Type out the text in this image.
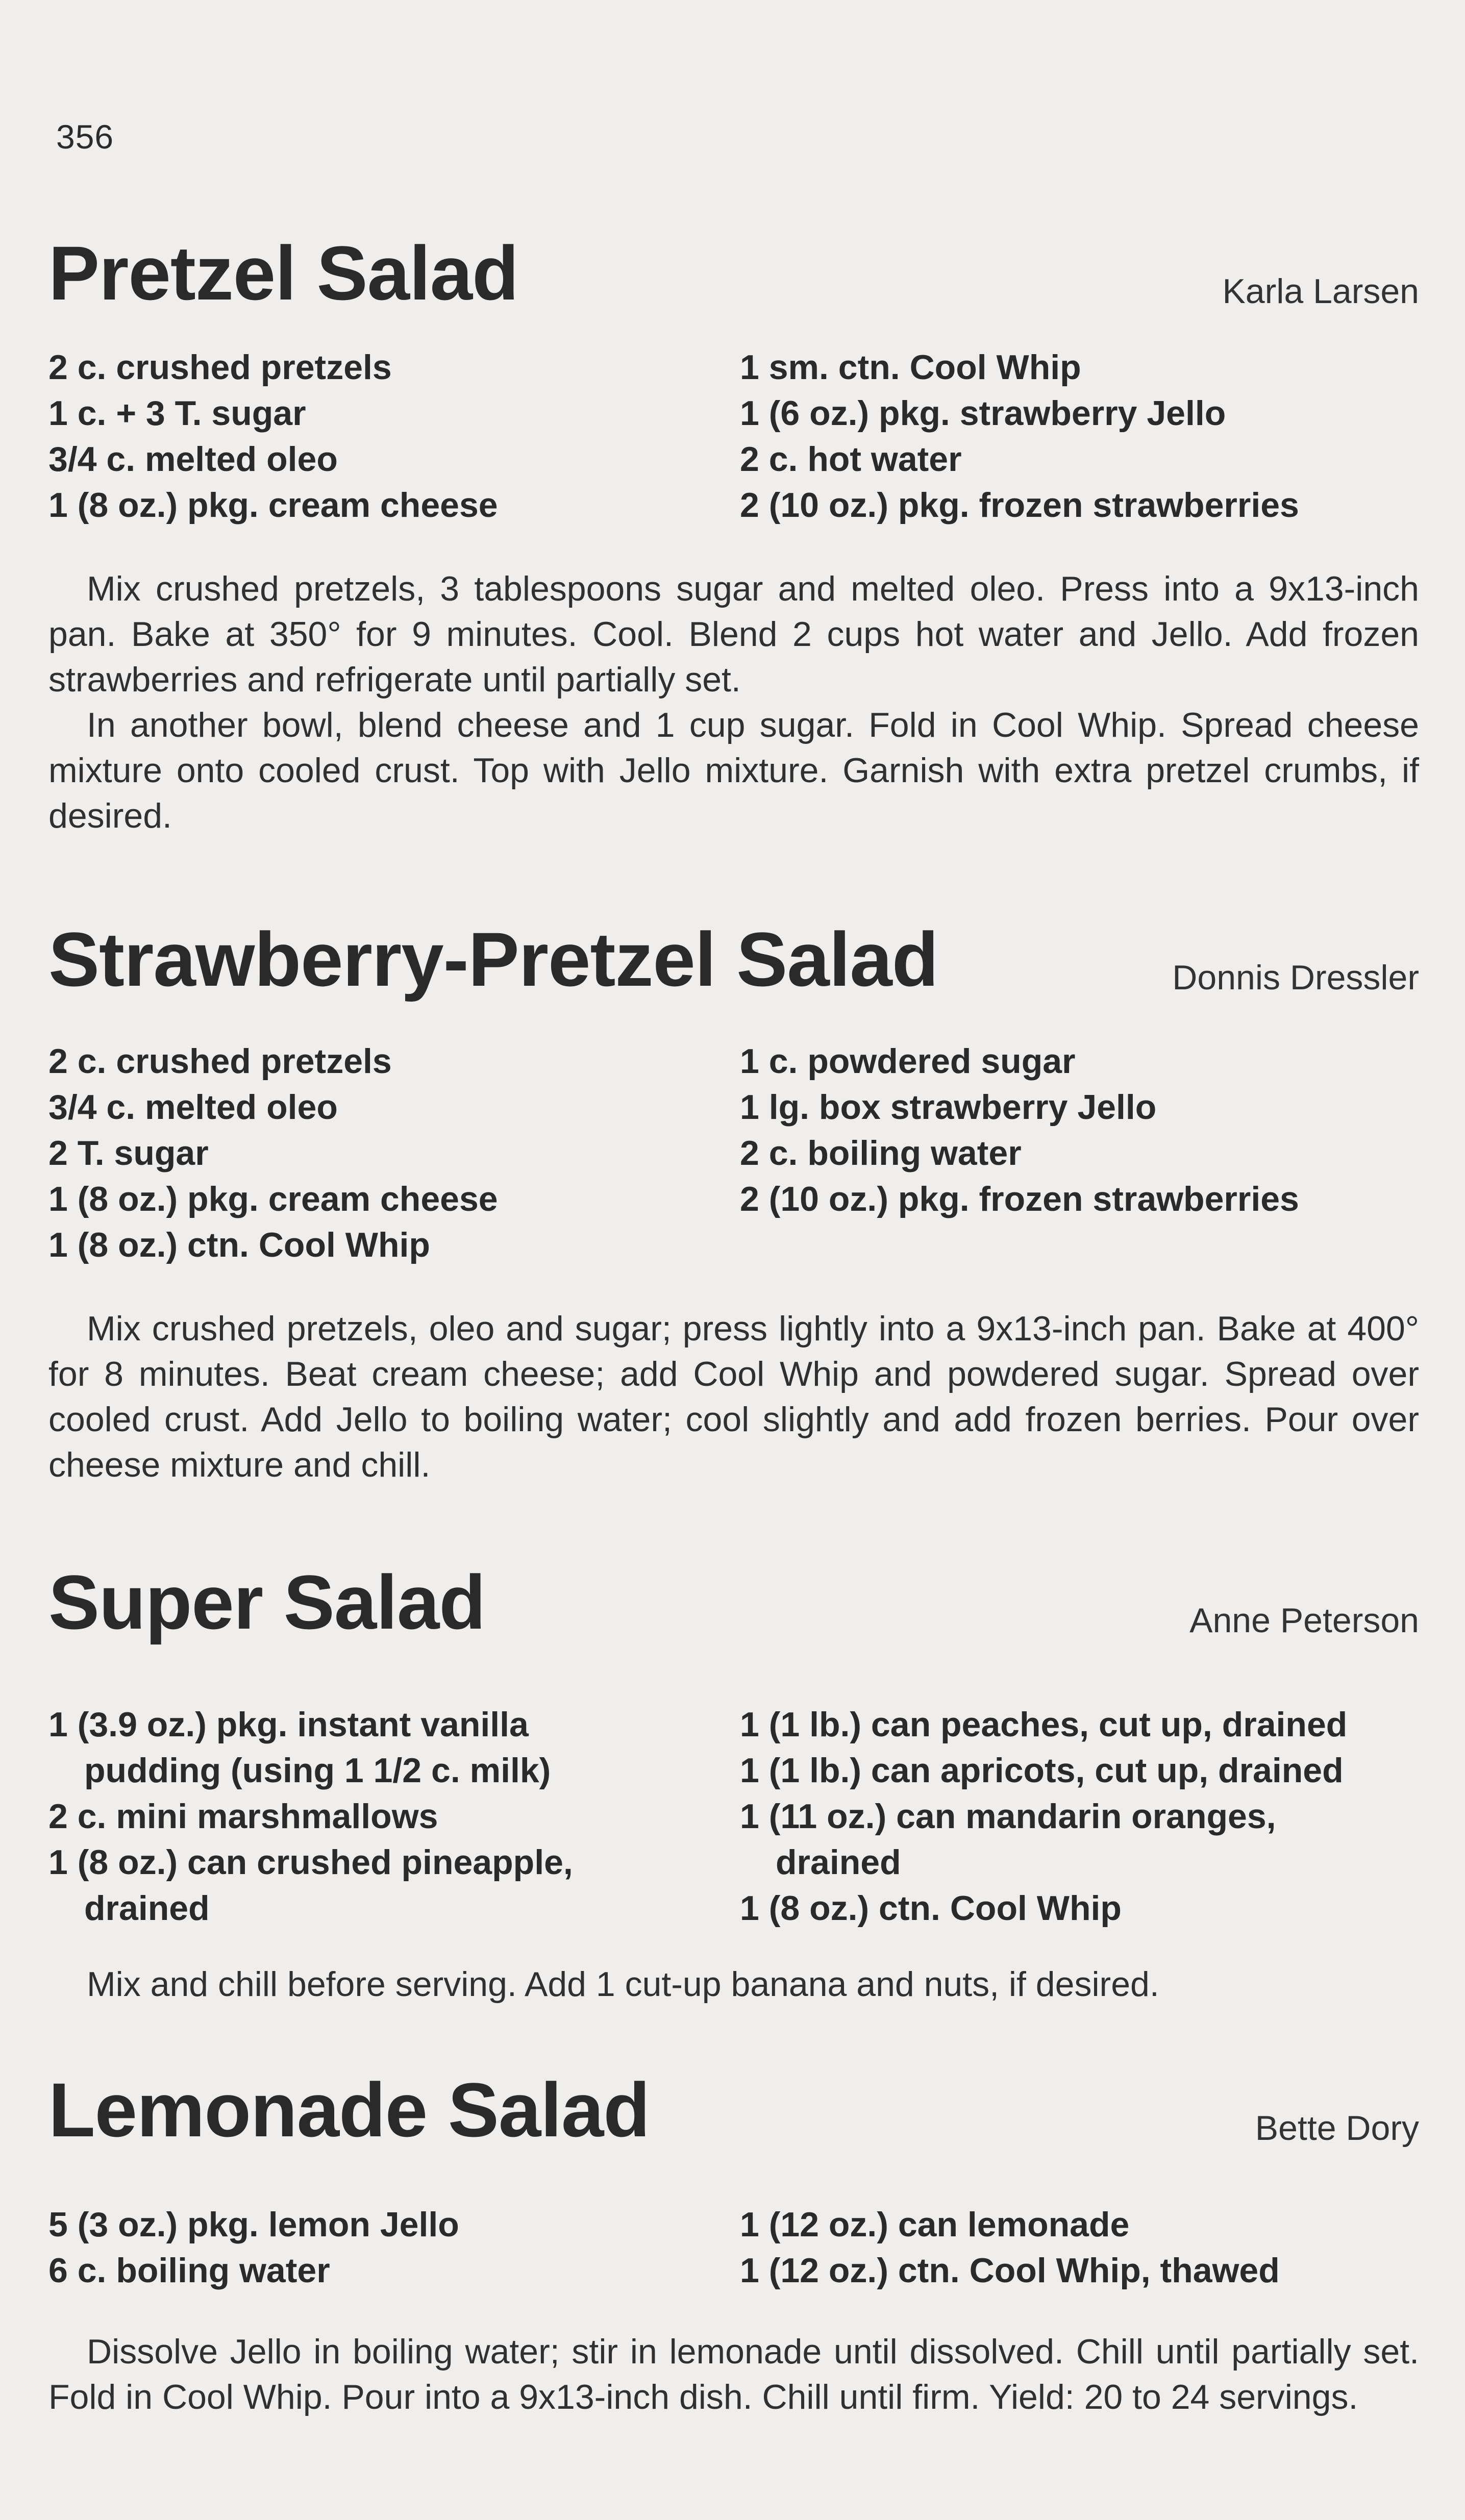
356
Pretzel Salad	Karla Larsen
2 c. crushed pretzels
1 c. + 3 T. sugar
3/4 c. melted oleo
1 (8 oz.) pkg. cream cheese
1 sm. ctn. Cool Whip
1 (6 oz.) pkg. strawberry Jello
2 c. hot water
2 (10 oz.) pkg. frozen strawberries

Mix crushed pretzels, 3 tablespoons sugar and melted oleo. Press into a 9x13-inch pan. Bake at 350° for 9 minutes. Cool. Blend 2 cups hot water and Jello. Add frozen strawberries and refrigerate until partially set.

In another bowl, blend cheese and 1 cup sugar. Fold in Cool Whip. Spread cheese mixture onto cooled crust. Top with Jello mixture. Garnish with extra pretzel crumbs, if desired.

Strawberry-Pretzel Salad	Donnis Dressler
2 c. crushed pretzels
3/4 c. melted oleo
2 T. sugar
1 (8 oz.) pkg. cream cheese
1 (8 oz.) ctn. Cool Whip
1 c. powdered sugar
1 lg. box strawberry Jello
2 c. boiling water
2 (10 oz.) pkg. frozen strawberries

Mix crushed pretzels, oleo and sugar; press lightly into a 9x13-inch pan. Bake at 400° for 8 minutes. Beat cream cheese; add Cool Whip and powdered sugar. Spread over cooled crust. Add Jello to boiling water; cool slightly and add frozen berries. Pour over cheese mixture and chill.

Super Salad	Anne Peterson
1 (3.9 oz.) pkg. instant vanilla
pudding (using 1 1/2 c. milk)
2 c. mini marshmallows
1 (8 oz.) can crushed pineapple,
drained
1 (1 lb.) can peaches, cut up, drained
1 (1 lb.) can apricots, cut up, drained
1 (11 oz.) can mandarin oranges,
drained
1 (8 oz.) ctn. Cool Whip

Mix and chill before serving. Add 1 cut-up banana and nuts, if desired.

Lemonade Salad	Bette Dory
5 (3 oz.) pkg. lemon Jello
6 c. boiling water
1 (12 oz.) can lemonade
1 (12 oz.) ctn. Cool Whip, thawed

Dissolve Jello in boiling water; stir in lemonade until dissolved. Chill until partially set. Fold in Cool Whip. Pour into a 9x13-inch dish. Chill until firm. Yield: 20 to 24 servings.
